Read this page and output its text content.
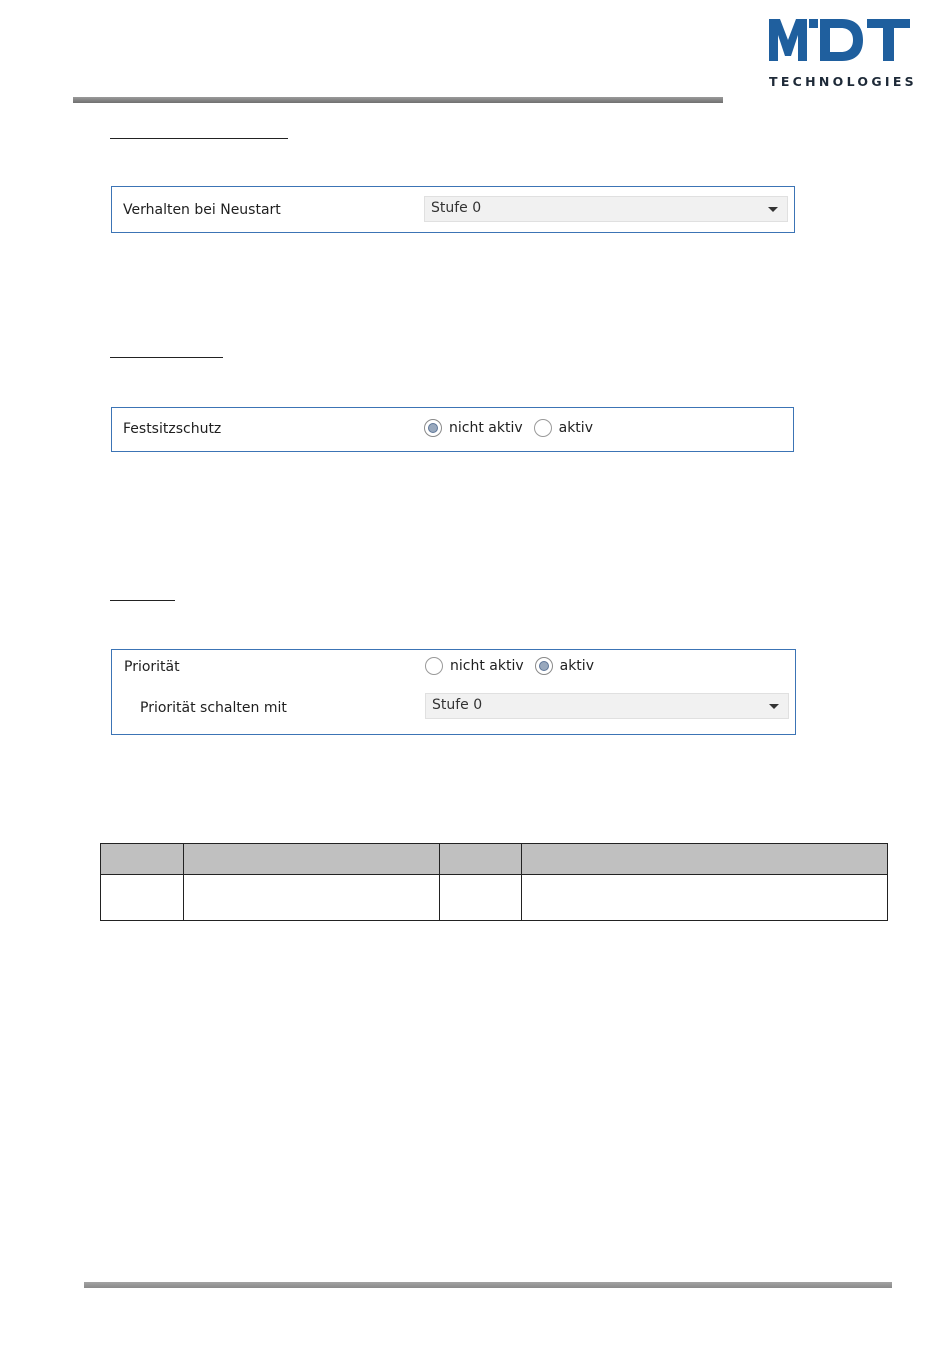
TECHNOLOGIES
Verhalten bei Neustart	Stufe 0
Festsitzschutz	nicht aktiv	aktiv
Priorität	nicht aktiv	aktiv
Priorität schalten mit	Stufe 0
